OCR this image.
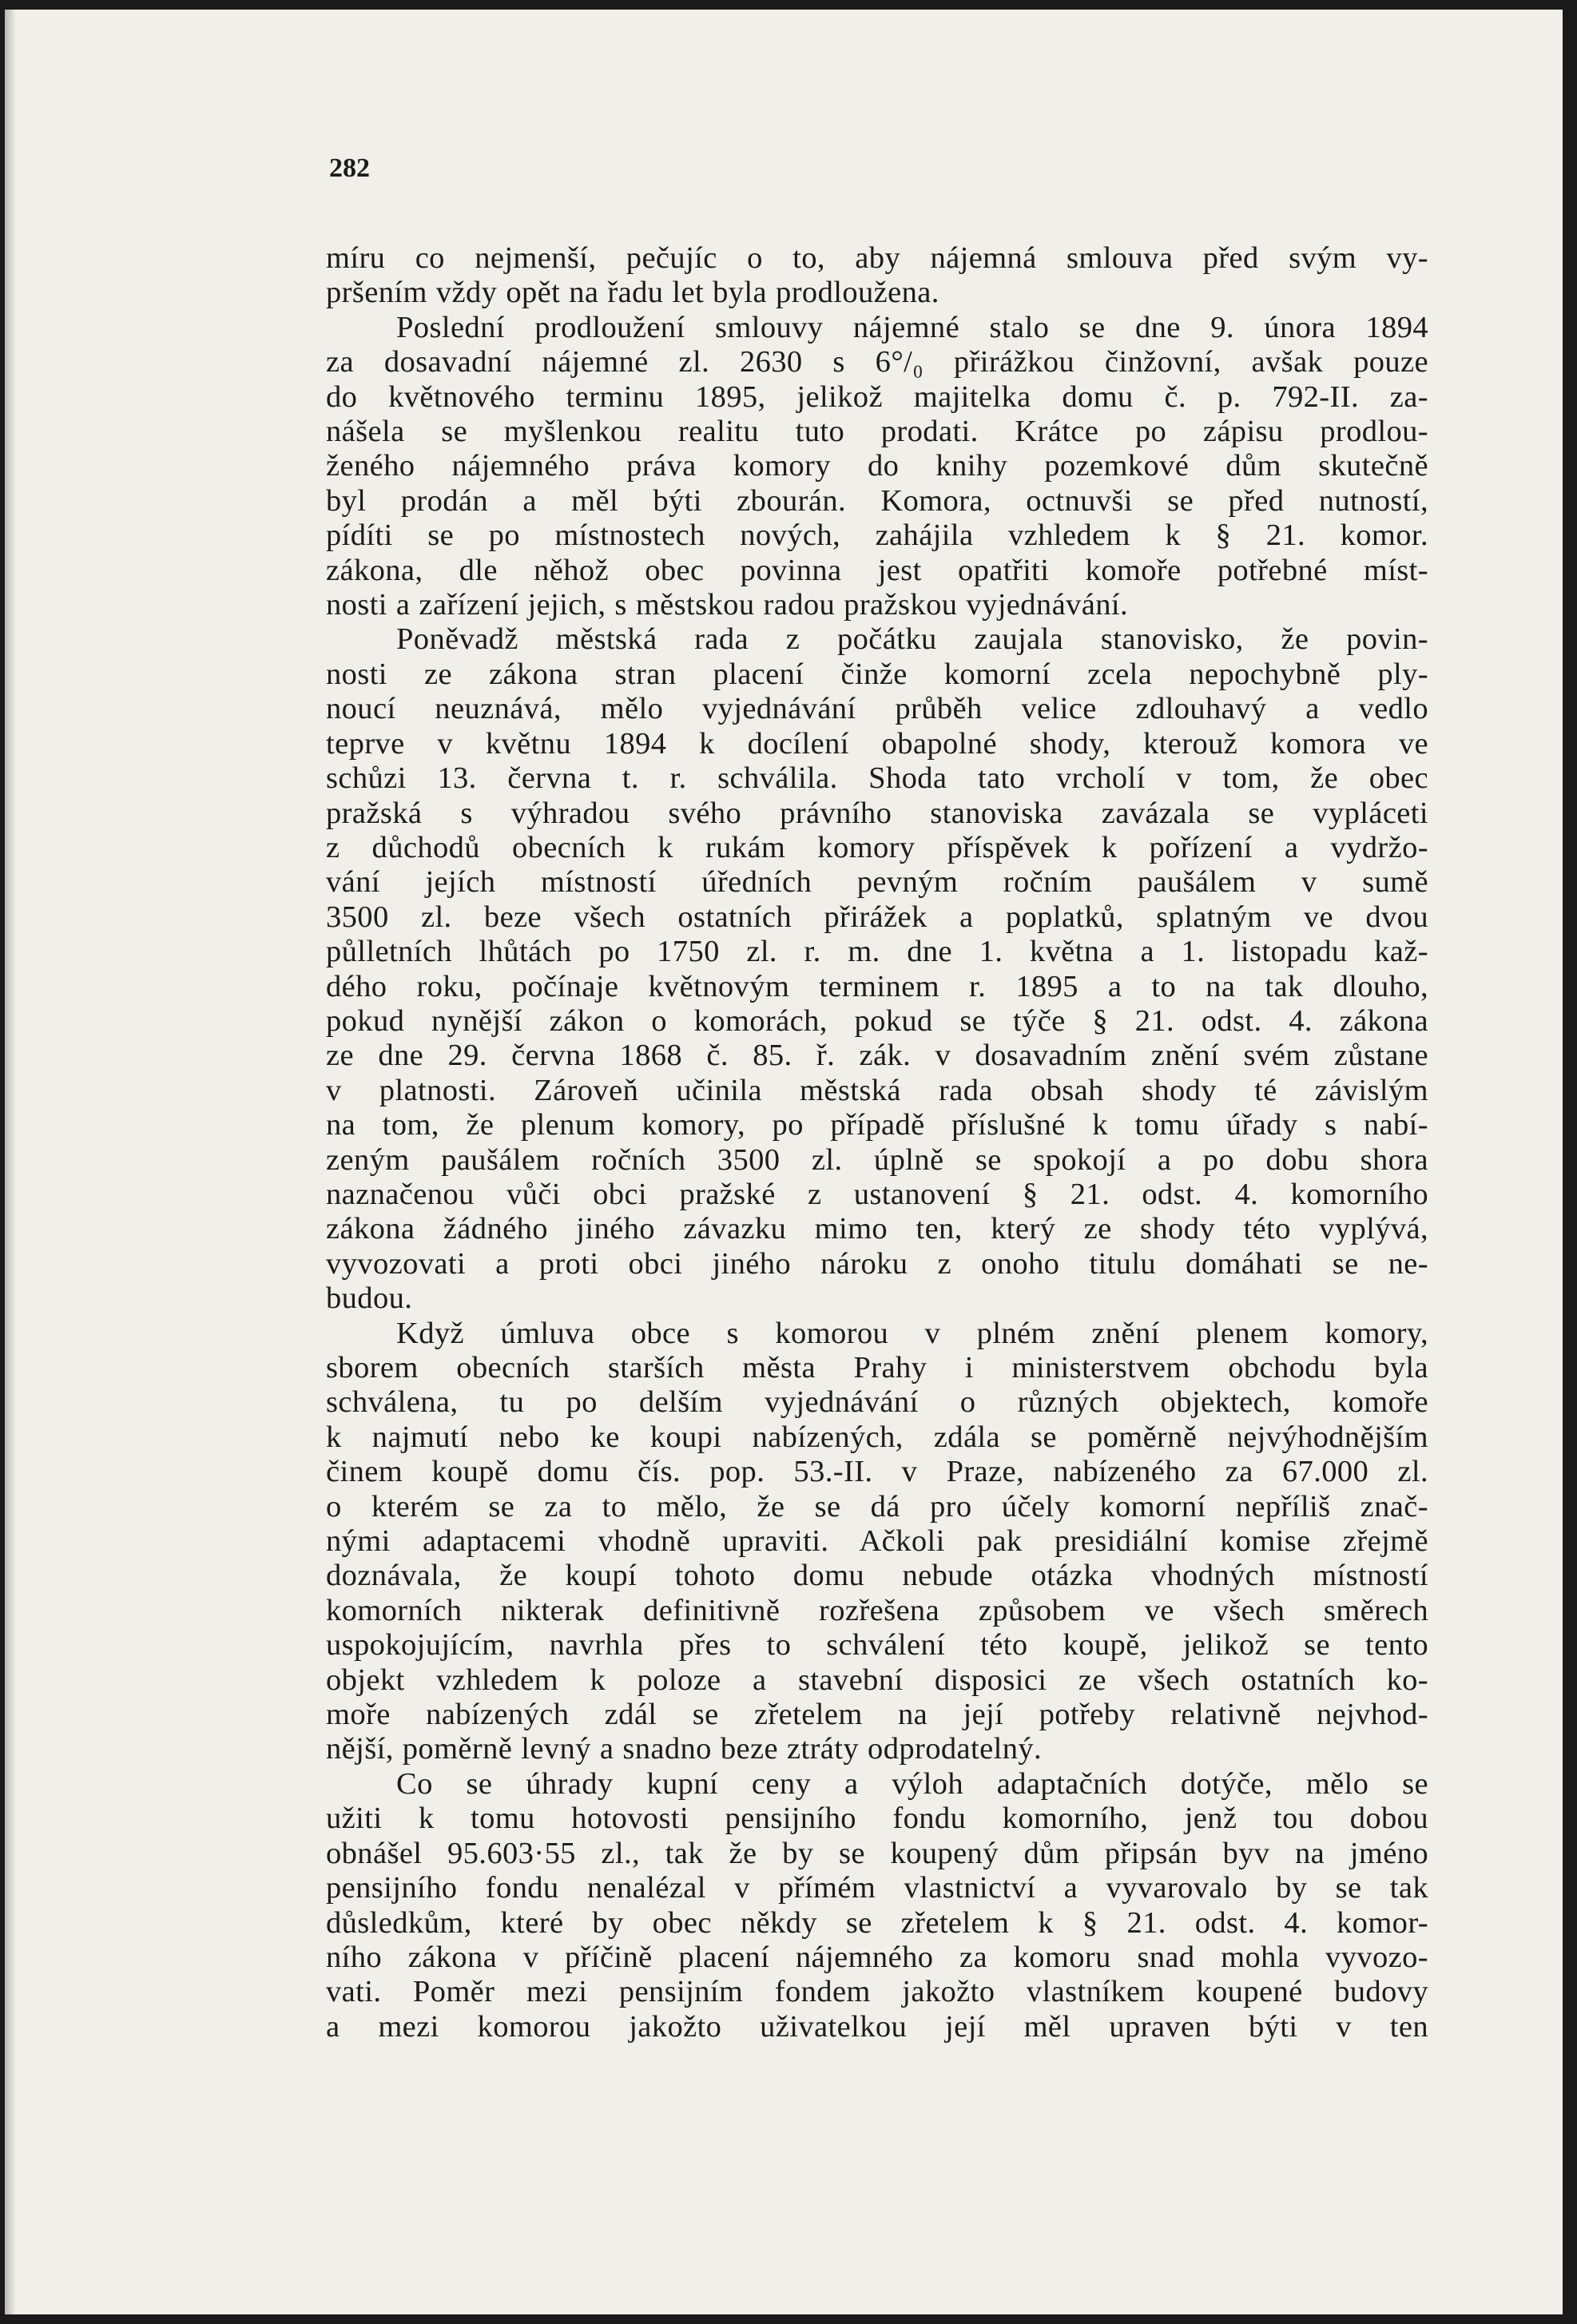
282
míru co nejmenší, pečujíc o to, aby nájemná smlouva před svým vy-
pršením vždy opět na řadu let byla prodloužena.
Poslední prodloužení smlouvy nájemné stalo se dne 9. února 1894
za dosavadní nájemné zl. 2630 s 6°/₀ přirážkou činžovní, avšak pouze
do květnového terminu 1895, jelikož majitelka domu č. p. 792-II. za-
nášela se myšlenkou realitu tuto prodati. Krátce po zápisu prodlou-
ženého nájemného práva komory do knihy pozemkové dům skutečně
byl prodán a měl býti zbourán. Komora, octnuvši se před nutností,
pídíti se po místnostech nových, zahájila vzhledem k § 21. komor.
zákona, dle něhož obec povinna jest opatřiti komoře potřebné míst-
nosti a zařízení jejich, s městskou radou pražskou vyjednávání.
Poněvadž městská rada z počátku zaujala stanovisko, že povin-
nosti ze zákona stran placení činže komorní zcela nepochybně ply-
noucí neuznává, mělo vyjednávání průběh velice zdlouhavý a vedlo
teprve v květnu 1894 k docílení obapolné shody, kterouž komora ve
schůzi 13. června t. r. schválila. Shoda tato vrcholí v tom, že obec
pražská s výhradou svého právního stanoviska zavázala se vypláceti
z důchodů obecních k rukám komory příspěvek k pořízení a vydržo-
vání jejích místností úředních pevným ročním paušálem v sumě
3500 zl. beze všech ostatních přirážek a poplatků, splatným ve dvou
půlletních lhůtách po 1750 zl. r. m. dne 1. května a 1. listopadu kaž-
dého roku, počínaje květnovým terminem r. 1895 a to na tak dlouho,
pokud nynější zákon o komorách, pokud se týče § 21. odst. 4. zákona
ze dne 29. června 1868 č. 85. ř. zák. v dosavadním znění svém zůstane
v platnosti. Zároveň učinila městská rada obsah shody té závislým
na tom, že plenum komory, po případě příslušné k tomu úřady s nabí-
zeným paušálem ročních 3500 zl. úplně se spokojí a po dobu shora
naznačenou vůči obci pražské z ustanovení § 21. odst. 4. komorního
zákona žádného jiného závazku mimo ten, který ze shody této vyplývá,
vyvozovati a proti obci jiného nároku z onoho titulu domáhati se ne-
budou.
Když úmluva obce s komorou v plném znění plenem komory,
sborem obecních starších města Prahy i ministerstvem obchodu byla
schválena, tu po delším vyjednávání o různých objektech, komoře
k najmutí nebo ke koupi nabízených, zdála se poměrně nejvýhodnějším
činem koupě domu čís. pop. 53.-II. v Praze, nabízeného za 67.000 zl.
o kterém se za to mělo, že se dá pro účely komorní nepříliš znač-
nými adaptacemi vhodně upraviti. Ačkoli pak presidiální komise zřejmě
doznávala, že koupí tohoto domu nebude otázka vhodných místností
komorních nikterak definitivně rozřešena způsobem ve všech směrech
uspokojujícím, navrhla přes to schválení této koupě, jelikož se tento
objekt vzhledem k poloze a stavební disposici ze všech ostatních ko-
moře nabízených zdál se zřetelem na její potřeby relativně nejvhod-
nější, poměrně levný a snadno beze ztráty odprodatelný.
Co se úhrady kupní ceny a výloh adaptačních dotýče, mělo se
užiti k tomu hotovosti pensijního fondu komorního, jenž tou dobou
obnášel 95.603·55 zl., tak že by se koupený dům připsán byv na jméno
pensijního fondu nenalézal v přímém vlastnictví a vyvarovalo by se tak
důsledkům, které by obec někdy se zřetelem k § 21. odst. 4. komor-
ního zákona v příčině placení nájemného za komoru snad mohla vyvozo-
vati. Poměr mezi pensijním fondem jakožto vlastníkem koupené budovy
a mezi komorou jakožto uživatelkou její měl upraven býti v ten
